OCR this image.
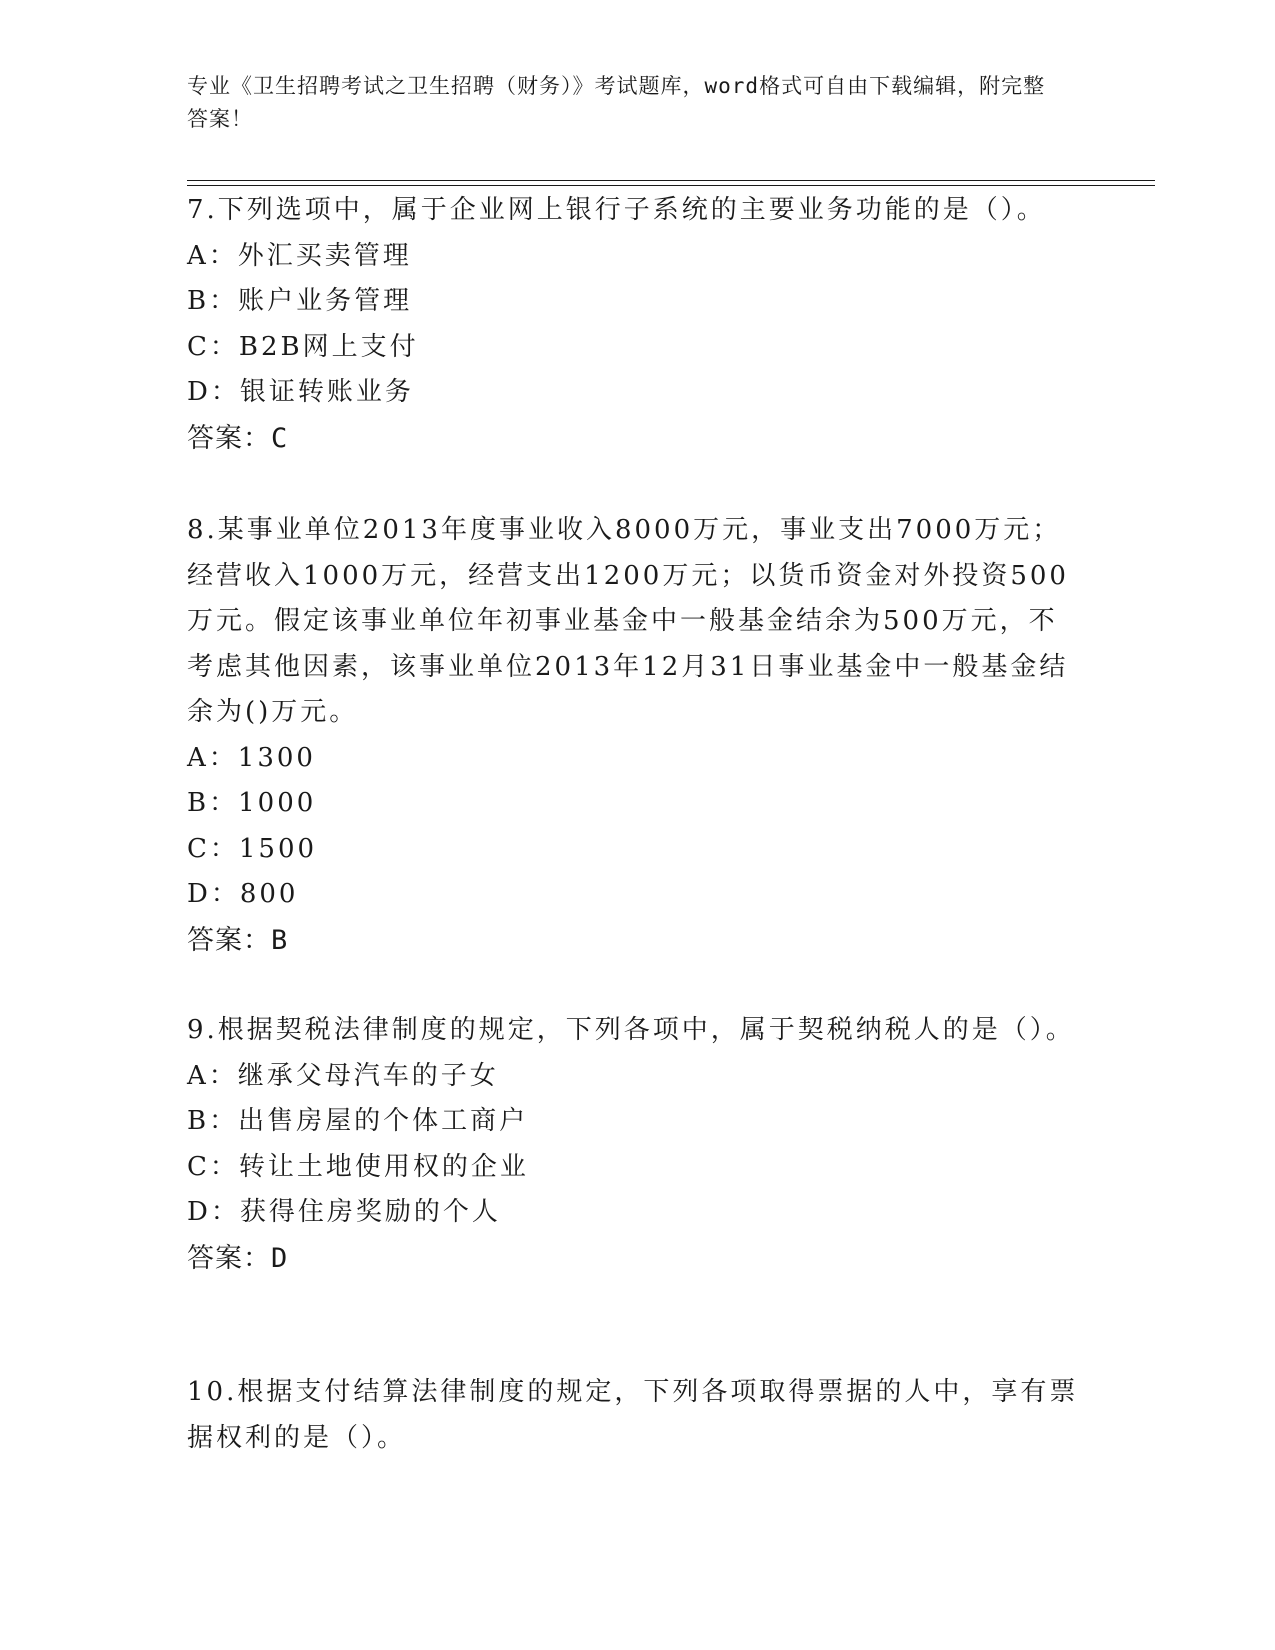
专业《卫生招聘考试之卫生招聘（财务）》考试题库，word格式可自由下载编辑，附完整答案！
7.下列选项中，属于企业网上银行子系统的主要业务功能的是（）。
A：外汇买卖管理
B：账户业务管理
C：B2B网上支付
D：银证转账业务
答案：C
8.某事业单位2013年度事业收入8000万元，事业支出7000万元；经营收入1000万元，经营支出1200万元；以货币资金对外投资500万元。假定该事业单位年初事业基金中一般基金结余为500万元，不考虑其他因素，该事业单位2013年12月31日事业基金中一般基金结余为()万元。
A：1300
B：1000
C：1500
D：800
答案：B
9.根据契税法律制度的规定，下列各项中，属于契税纳税人的是（）。
A：继承父母汽车的子女
B：出售房屋的个体工商户
C：转让土地使用权的企业
D：获得住房奖励的个人
答案：D
10.根据支付结算法律制度的规定，下列各项取得票据的人中，享有票据权利的是（）。
